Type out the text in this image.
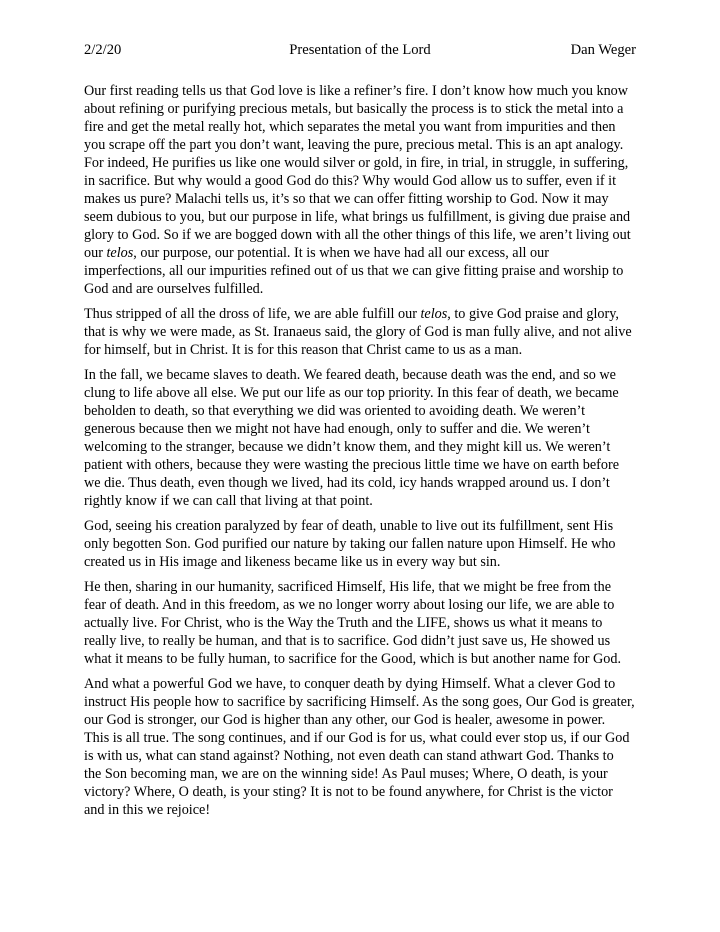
2/2/20	Presentation of the Lord	Dan Weger

Our first reading tells us that God love is like a refiner’s fire. I don’t know how much you know
about refining or purifying precious metals, but basically the process is to stick the metal into a
fire and get the metal really hot, which separates the metal you want from impurities and then
you scrape off the part you don’t want, leaving the pure, precious metal. This is an apt analogy.
For indeed, He purifies us like one would silver or gold, in fire, in trial, in struggle, in suffering,
in sacrifice. But why would a good God do this? Why would God allow us to suffer, even if it
makes us pure? Malachi tells us, it’s so that we can offer fitting worship to God. Now it may
seem dubious to you, but our purpose in life, what brings us fulfillment, is giving due praise and
glory to God. So if we are bogged down with all the other things of this life, we aren’t living out
our telos, our purpose, our potential. It is when we have had all our excess, all our
imperfections, all our impurities refined out of us that we can give fitting praise and worship to
God and are ourselves fulfilled.

Thus stripped of all the dross of life, we are able fulfill our telos, to give God praise and glory,
that is why we were made, as St. Iranaeus said, the glory of God is man fully alive, and not alive
for himself, but in Christ. It is for this reason that Christ came to us as a man.

In the fall, we became slaves to death. We feared death, because death was the end, and so we
clung to life above all else. We put our life as our top priority. In this fear of death, we became
beholden to death, so that everything we did was oriented to avoiding death. We weren’t
generous because then we might not have had enough, only to suffer and die. We weren’t
welcoming to the stranger, because we didn’t know them, and they might kill us. We weren’t
patient with others, because they were wasting the precious little time we have on earth before
we die. Thus death, even though we lived, had its cold, icy hands wrapped around us. I don’t
rightly know if we can call that living at that point.

God, seeing his creation paralyzed by fear of death, unable to live out its fulfillment, sent His
only begotten Son. God purified our nature by taking our fallen nature upon Himself. He who
created us in His image and likeness became like us in every way but sin.

He then, sharing in our humanity, sacrificed Himself, His life, that we might be free from the
fear of death. And in this freedom, as we no longer worry about losing our life, we are able to
actually live. For Christ, who is the Way the Truth and the LIFE, shows us what it means to
really live, to really be human, and that is to sacrifice. God didn’t just save us, He showed us
what it means to be fully human, to sacrifice for the Good, which is but another name for God.

And what a powerful God we have, to conquer death by dying Himself. What a clever God to
instruct His people how to sacrifice by sacrificing Himself. As the song goes, Our God is greater,
our God is stronger, our God is higher than any other, our God is healer, awesome in power.
This is all true. The song continues, and if our God is for us, what could ever stop us, if our God
is with us, what can stand against? Nothing, not even death can stand athwart God. Thanks to
the Son becoming man, we are on the winning side! As Paul muses; Where, O death, is your
victory? Where, O death, is your sting? It is not to be found anywhere, for Christ is the victor
and in this we rejoice!
